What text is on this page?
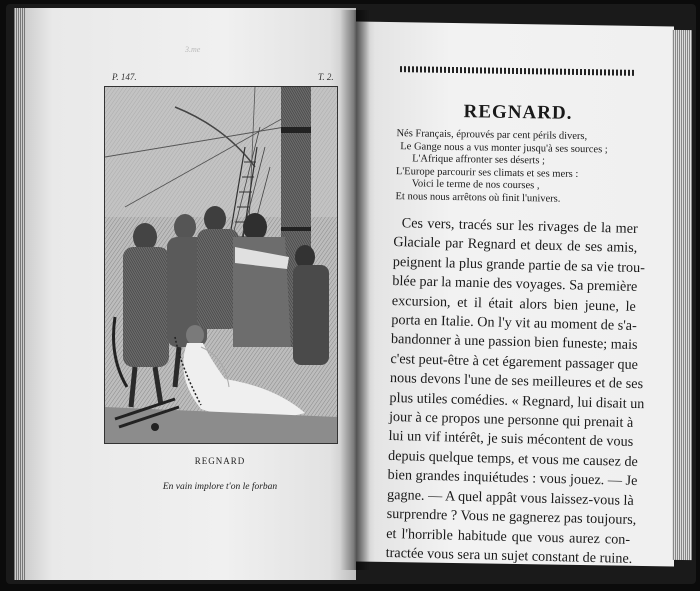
P. 147.	T. 2.
3.me
REGNARD
En vain implore t'on le forban
REGNARD.
Nés Français, éprouvés par cent périls divers,
Le Gange nous a vus monter jusqu'à ses sources ;
L'Afrique affronter ses déserts ;
L'Europe parcourir ses climats et ses mers :
Voici le terme de nos courses ,
Et nous nous arrêtons où finit l'univers.
Ces vers, tracés sur les rivages de la mer
Glaciale par Regnard et deux de ses amis,
peignent la plus grande partie de sa vie trou-
blée par la manie des voyages. Sa première
excursion, et il était alors bien jeune, le
porta en Italie. On l'y vit au moment de s'a-
bandonner à une passion bien funeste; mais
c'est peut-être à cet égarement passager que
nous devons l'une de ses meilleures et de ses
plus utiles comédies. « Regnard, lui disait un
jour à ce propos une personne qui prenait à
lui un vif intérêt, je suis mécontent de vous
depuis quelque temps, et vous me causez de
bien grandes inquiétudes : vous jouez. — Je
gagne. — A quel appât vous laissez-vous là
surprendre ? Vous ne gagnerez pas toujours,
et l'horrible habitude que vous aurez con-
tractée vous sera un sujet constant de ruine.
